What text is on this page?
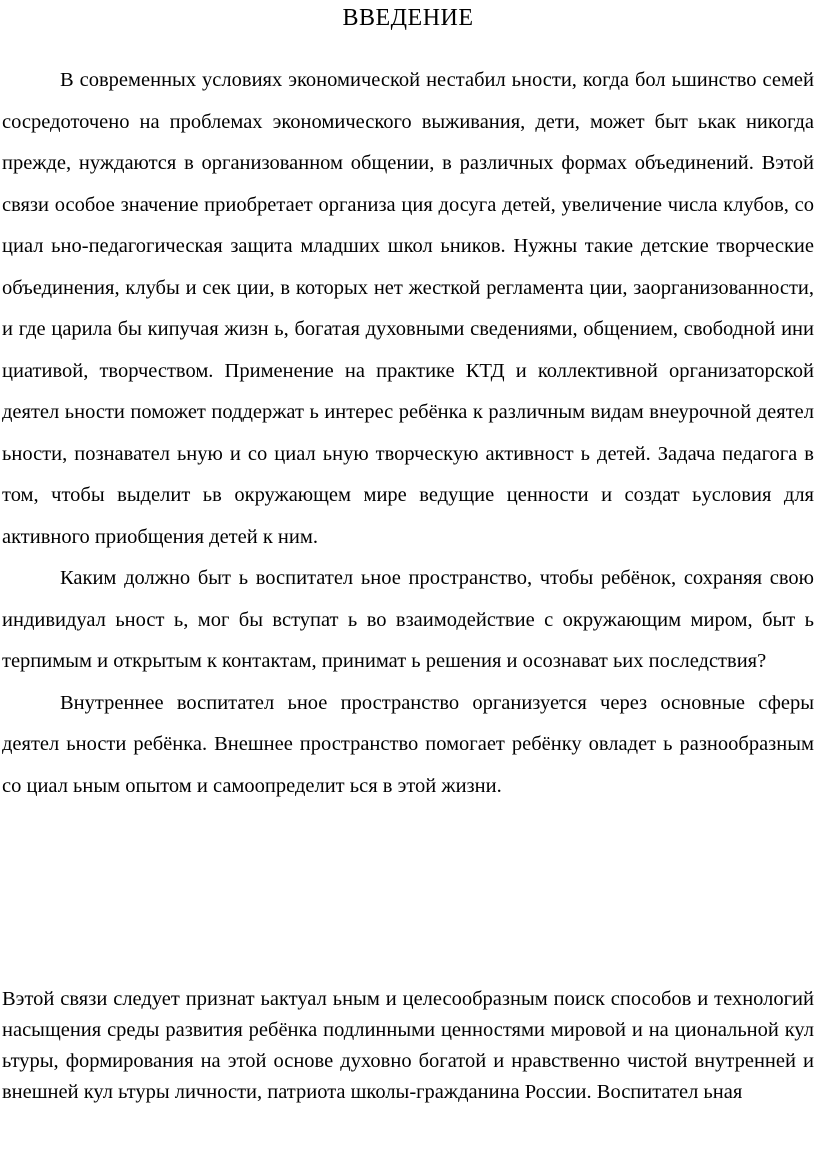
ВВЕДЕНИЕ

В современных условиях экономической нестабил ьности, когда бол ьшинство семей сосредоточено на проблемах экономического выживания, дети, может быт ькак никогда прежде, нуждаются в организованном общении, в различных формах объединений. Вэтой связи особое значение приобретает организа ция досуга детей, увеличение числа клубов, со циал ьно-педагогическая защита младших школ ьников. Нужны такие детские творческие объединения, клубы и сек ции, в которых нет жесткой регламента ции, заорганизованности, и где царила бы кипучая жизн ь, богатая духовными сведениями, общением, свободной ини циативой, творчеством. Применение на практике КТД и коллективной организаторской деятел ьности поможет поддержат ь интерес ребёнка к различным видам внеурочной деятел ьности, познавател ьную и со циал ьную творческую активност ь детей. Задача педагога в том, чтобы выделит ьв окружающем мире ведущие ценности и создат ьусловия для активного приобщения детей к ним.

Каким должно быт ь воспитател ьное пространство, чтобы ребёнок, сохраняя свою индивидуал ьност ь, мог бы вступат ь во взаимодействие с окружающим миром, быт ь терпимым и открытым к контактам, принимат ь решения и осознават ьих последствия?

Внутреннее воспитател ьное пространство организуется через основные сферы деятел ьности ребёнка. Внешнее пространство помогает ребёнку овладет ь разнообразным со циал ьным опытом и самоопределит ься в этой жизни.

Вэтой связи следует признат ьактуал ьным и целесообразным поиск способов и технологий насыщения среды развития ребёнка подлинными ценностями мировой и на циональной кул ьтуры, формирования на этой основе духовно богатой и нравственно чистой внутренней и внешней кул ьтуры личности, патриота школы-гражданина России. Воспитател ьная
